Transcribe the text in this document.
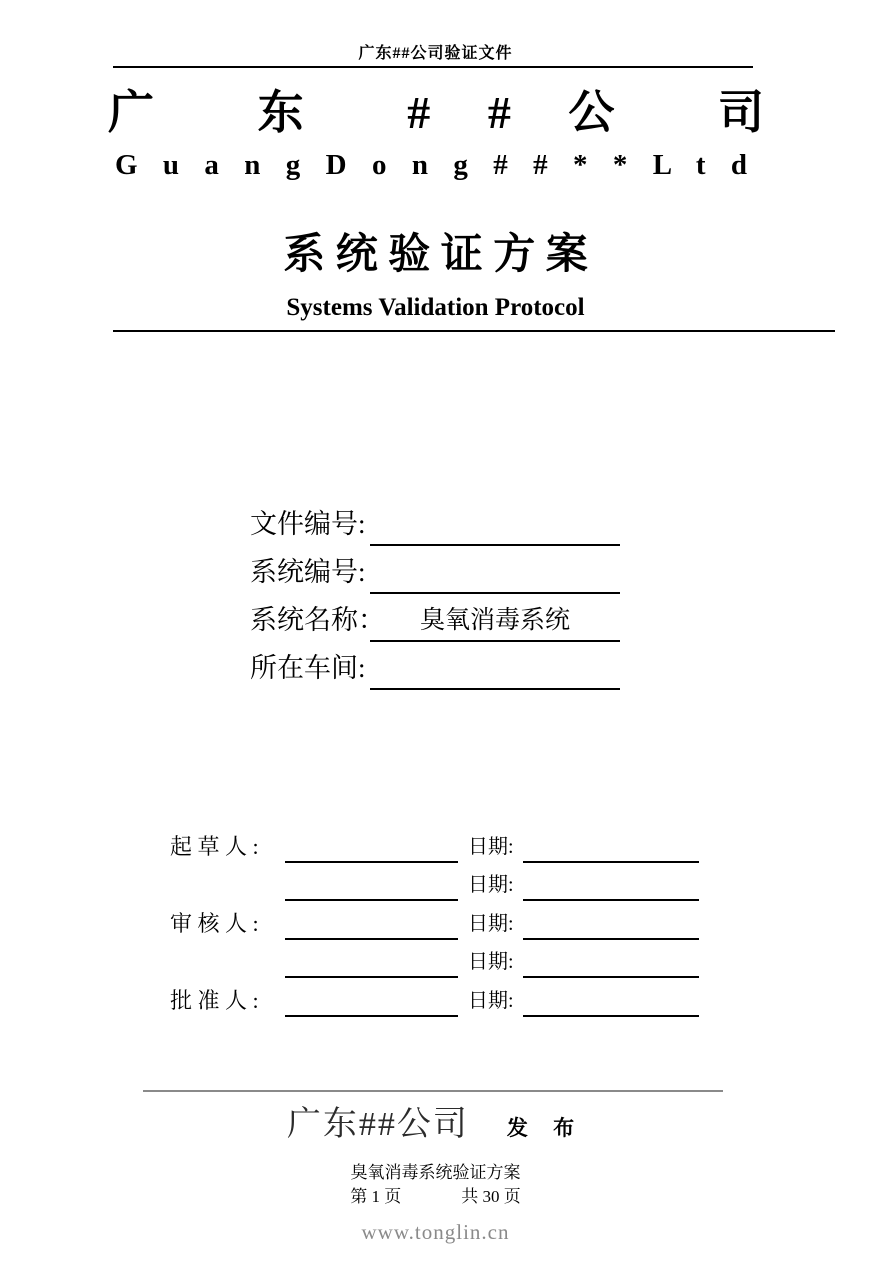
广东##公司验证文件
广 东 # # 公 司
G u a n g D o n g # # * * L t d
系 统 验 证 方 案
Systems Validation Protocol
文件编号:
系统编号:
系统名称：	臭氧消毒系统
所在车间:
起 草 人 :	日期:
日期:
审 核 人 :	日期:
日期:
批 准 人 :	日期:
广东##公司 发 布
臭氧消毒系统验证方案
第 1 页	共 30 页
www.tonglin.cn
